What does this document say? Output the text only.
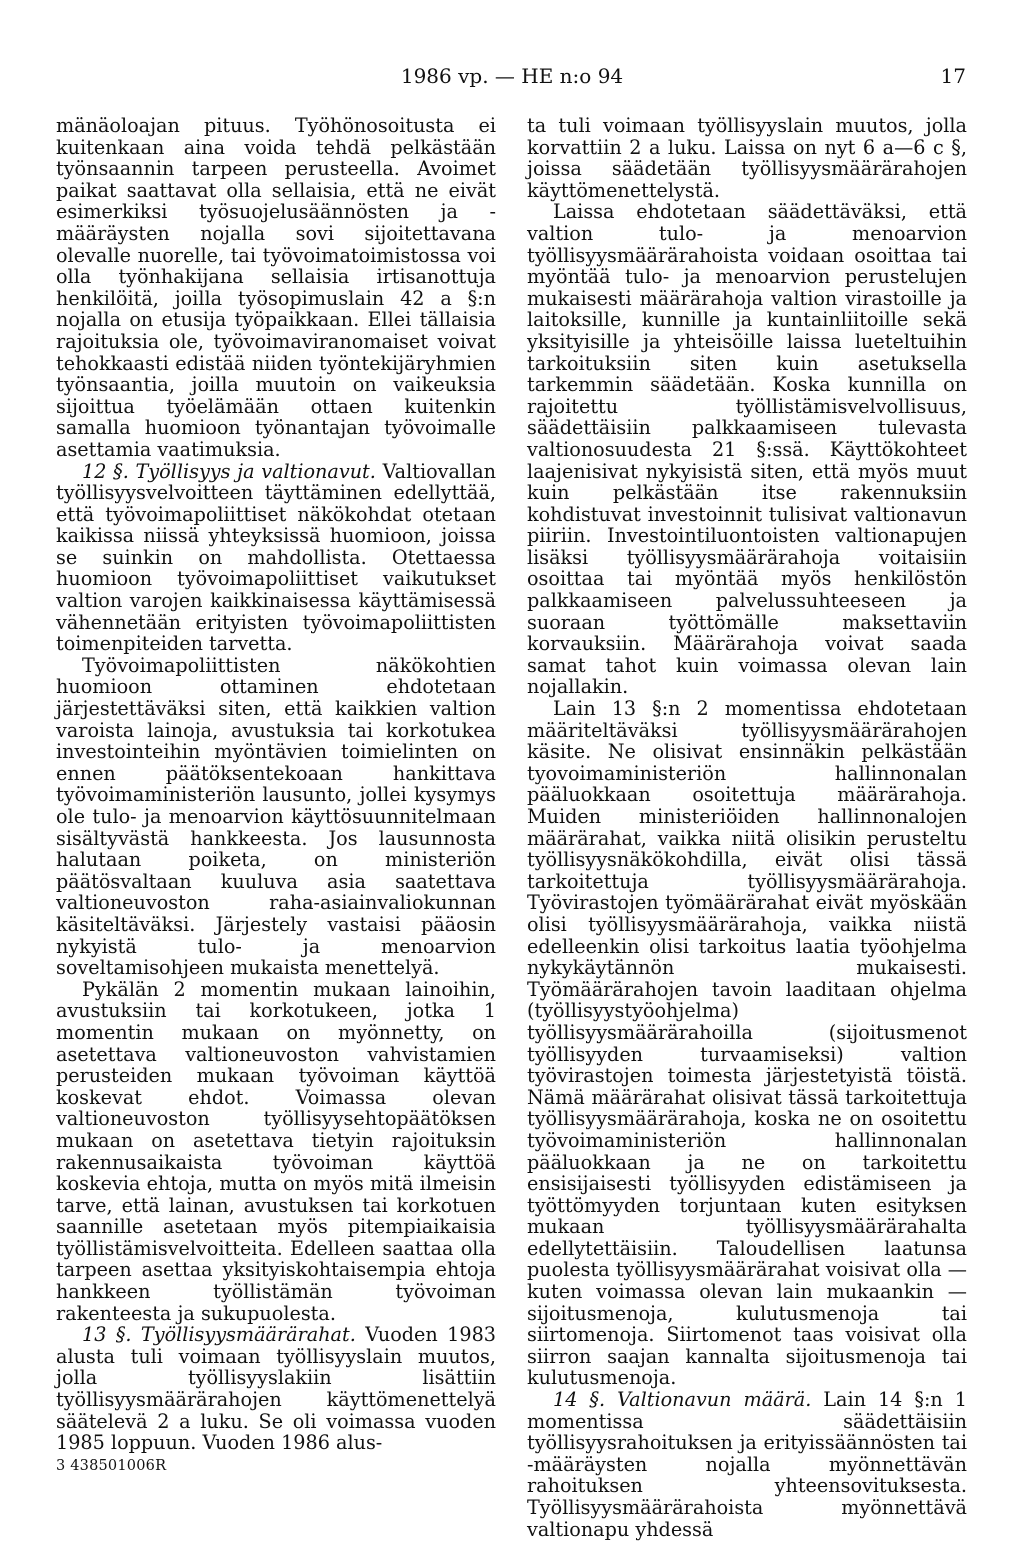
1986 vp. — HE n:o 94	17

mänäoloajan pituus. Työhönosoitusta ei kuitenkaan aina voida tehdä pelkästään työnsaannin tarpeen perusteella. Avoimet paikat saattavat olla sellaisia, että ne eivät esimerkiksi työsuojelusäännösten ja -määräysten nojalla sovi sijoitettavana olevalle nuorelle, tai työvoimatoimistossa voi olla työnhakijana sellaisia irtisanottuja henkilöitä, joilla työsopimuslain 42 a §:n nojalla on etusija työpaikkaan. Ellei tällaisia rajoituksia ole, työvoimaviranomaiset voivat tehokkaasti edistää niiden työntekijäryhmien työnsaantia, joilla muutoin on vaikeuksia sijoittua työelämään ottaen kuitenkin samalla huomioon työnantajan työvoimalle asettamia vaatimuksia.

12 §. Työllisyys ja valtionavut. Valtiovallan työllisyysvelvoitteen täyttäminen edellyttää, että työvoimapoliittiset näkökohdat otetaan kaikissa niissä yhteyksissä huomioon, joissa se suinkin on mahdollista. Otettaessa huomioon työvoimapoliittiset vaikutukset valtion varojen kaikkinaisessa käyttämisessä vähennetään erityisten työvoimapoliittisten toimenpiteiden tarvetta.

Työvoimapoliittisten näkökohtien huomioon ottaminen ehdotetaan järjestettäväksi siten, että kaikkien valtion varoista lainoja, avustuksia tai korkotukea investointeihin myöntävien toimielinten on ennen päätöksentekoaan hankittava työvoimaministeriön lausunto, jollei kysymys ole tulo- ja menoarvion käyttösuunnitelmaan sisältyvästä hankkeesta. Jos lausunnosta halutaan poiketa, on ministeriön päätösvaltaan kuuluva asia saatettava valtioneuvoston raha-asiainvaliokunnan käsiteltäväksi. Järjestely vastaisi pääosin nykyistä tulo- ja menoarvion soveltamisohjeen mukaista menettelyä.

Pykälän 2 momentin mukaan lainoihin, avustuksiin tai korkotukeen, jotka 1 momentin mukaan on myönnetty, on asetettava valtioneuvoston vahvistamien perusteiden mukaan työvoiman käyttöä koskevat ehdot. Voimassa olevan valtioneuvoston työllisyysehtopäätöksen mukaan on asetettava tietyin rajoituksin rakennusaikaista työvoiman käyttöä koskevia ehtoja, mutta on myös mitä ilmeisin tarve, että lainan, avustuksen tai korkotuen saannille asetetaan myös pitempiaikaisia työllistämisvelvoitteita. Edelleen saattaa olla tarpeen asettaa yksityiskohtaisempia ehtoja hankkeen työllistämän työvoiman rakenteesta ja sukupuolesta.

13 §. Työllisyysmäärärahat. Vuoden 1983 alusta tuli voimaan työllisyyslain muutos, jolla työllisyyslakiin lisättiin työllisyysmäärärahojen käyttömenettelyä säätelevä 2 a luku. Se oli voimassa vuoden 1985 loppuun. Vuoden 1986 alus-

ta tuli voimaan työllisyyslain muutos, jolla korvattiin 2 a luku. Laissa on nyt 6 a—6 c §, joissa säädetään työllisyysmäärärahojen käyttömenettelystä.

Laissa ehdotetaan säädettäväksi, että valtion tulo- ja menoarvion työllisyysmäärärahoista voidaan osoittaa tai myöntää tulo- ja menoarvion perustelujen mukaisesti määrärahoja valtion virastoille ja laitoksille, kunnille ja kuntainliitoille sekä yksityisille ja yhteisöille laissa lueteltuihin tarkoituksiin siten kuin asetuksella tarkemmin säädetään. Koska kunnilla on rajoitettu työllistämisvelvollisuus, säädettäisiin palkkaamiseen tulevasta valtionosuudesta 21 §:ssä. Käyttökohteet laajenisivat nykyisistä siten, että myös muut kuin pelkästään itse rakennuksiin kohdistuvat investoinnit tulisivat valtionavun piiriin. Investointiluontoisten valtionapujen lisäksi työllisyysmäärärahoja voitaisiin osoittaa tai myöntää myös henkilöstön palkkaamiseen palvelussuhteeseen ja suoraan työttömälle maksettaviin korvauksiin. Määrärahoja voivat saada samat tahot kuin voimassa olevan lain nojallakin.

Lain 13 §:n 2 momentissa ehdotetaan määriteltäväksi työllisyysmäärärahojen käsite. Ne olisivat ensinnäkin pelkästään tyovoimaministeriön hallinnonalan pääluokkaan osoitettuja määrärahoja. Muiden ministeriöiden hallinnonalojen määrärahat, vaikka niitä olisikin perusteltu työllisyysnäkökohdilla, eivät olisi tässä tarkoitettuja työllisyysmäärärahoja. Työvirastojen työmäärärahat eivät myöskään olisi työllisyysmäärärahoja, vaikka niistä edelleenkin olisi tarkoitus laatia työohjelma nykykäytännön mukaisesti. Työmäärärahojen tavoin laaditaan ohjelma (työllisyystyöohjelma) työllisyysmäärärahoilla (sijoitusmenot työllisyyden turvaamiseksi) valtion työvirastojen toimesta järjestetyistä töistä. Nämä määrärahat olisivat tässä tarkoitettuja työllisyysmäärärahoja, koska ne on osoitettu työvoimaministeriön hallinnonalan pääluokkaan ja ne on tarkoitettu ensisijaisesti työllisyyden edistämiseen ja työttömyyden torjuntaan kuten esityksen mukaan työllisyysmäärärahalta edellytettäisiin. Taloudellisen laatunsa puolesta työllisyysmäärärahat voisivat olla — kuten voimassa olevan lain mukaankin — sijoitusmenoja, kulutusmenoja tai siirtomenoja. Siirtomenot taas voisivat olla siirron saajan kannalta sijoitusmenoja tai kulutusmenoja.

14 §. Valtionavun määrä. Lain 14 §:n 1 momentissa säädettäisiin työllisyysrahoituksen ja erityissäännösten tai -määräysten nojalla myönnettävän rahoituksen yhteensovituksesta. Työllisyysmäärärahoista myönnettävä valtionapu yhdessä

3 438501006R
